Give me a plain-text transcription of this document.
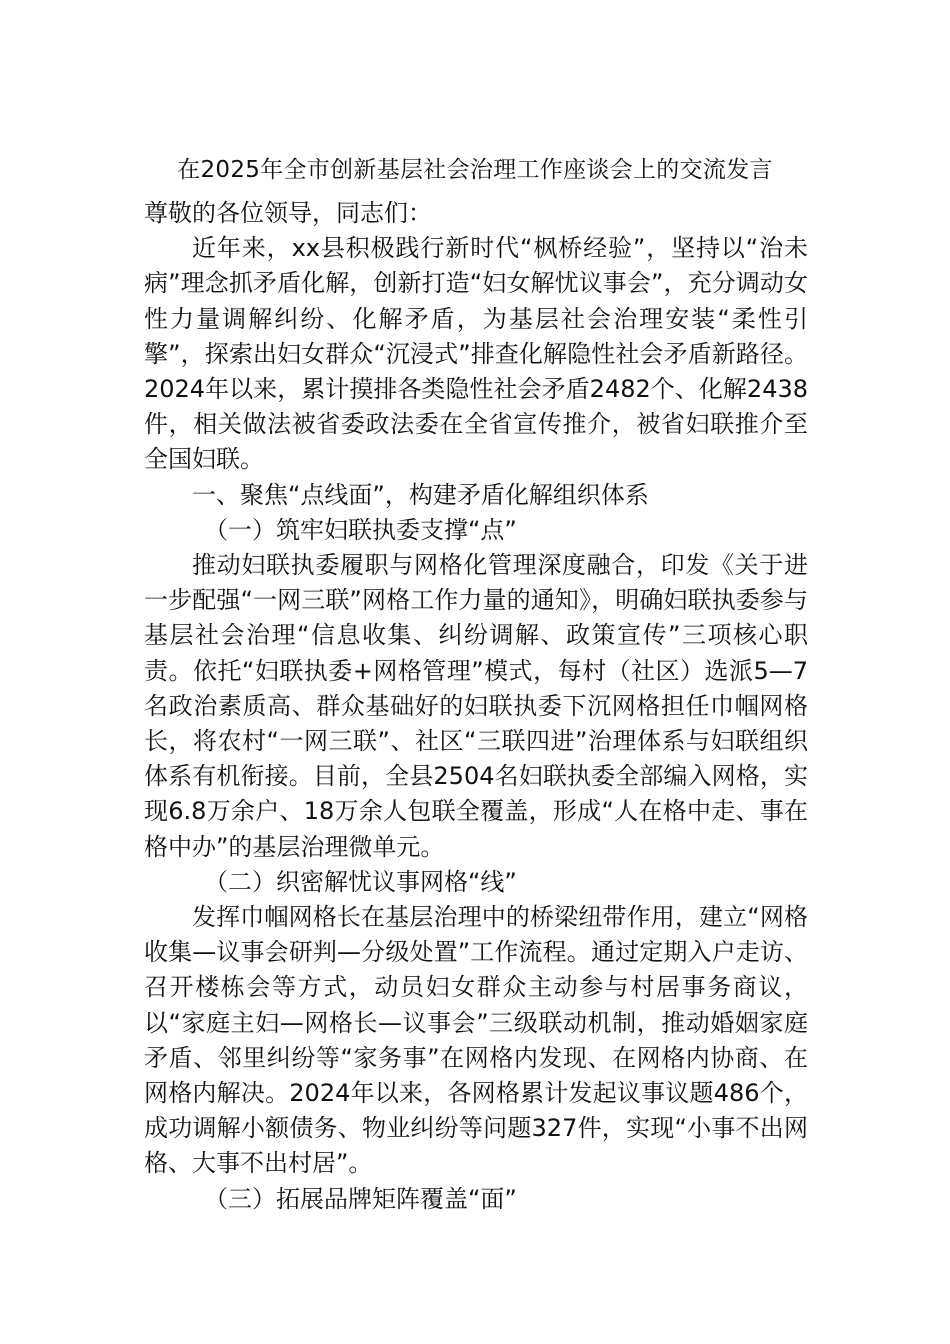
在2025年全市创新基层社会治理工作座谈会上的交流发言

尊敬的各位领导，同志们：

近年来，xx县积极践行新时代“枫桥经验”，坚持以“治未病”理念抓矛盾化解，创新打造“妇女解忧议事会”，充分调动女性力量调解纠纷、化解矛盾，为基层社会治理安装“柔性引擎”，探索出妇女群众“沉浸式”排查化解隐性社会矛盾新路径。2024年以来，累计摸排各类隐性社会矛盾2482个、化解2438件，相关做法被省委政法委在全省宣传推介，被省妇联推介至全国妇联。

一、聚焦“点线面”，构建矛盾化解组织体系

（一）筑牢妇联执委支撑“点”

推动妇联执委履职与网格化管理深度融合，印发《关于进一步配强“一网三联”网格工作力量的通知》，明确妇联执委参与基层社会治理“信息收集、纠纷调解、政策宣传”三项核心职责。依托“妇联执委+网格管理”模式，每村（社区）选派5—7名政治素质高、群众基础好的妇联执委下沉网格担任巾帼网格长，将农村“一网三联”、社区“三联四进”治理体系与妇联组织体系有机衔接。目前，全县2504名妇联执委全部编入网格，实现6.8万余户、18万余人包联全覆盖，形成“人在格中走、事在格中办”的基层治理微单元。

（二）织密解忧议事网格“线”

发挥巾帼网格长在基层治理中的桥梁纽带作用，建立“网格收集—议事会研判—分级处置”工作流程。通过定期入户走访、召开楼栋会等方式，动员妇女群众主动参与村居事务商议，以“家庭主妇—网格长—议事会”三级联动机制，推动婚姻家庭矛盾、邻里纠纷等“家务事”在网格内发现、在网格内协商、在网格内解决。2024年以来，各网格累计发起议事议题486个，成功调解小额债务、物业纠纷等问题327件，实现“小事不出网格、大事不出村居”。

（三）拓展品牌矩阵覆盖“面”
